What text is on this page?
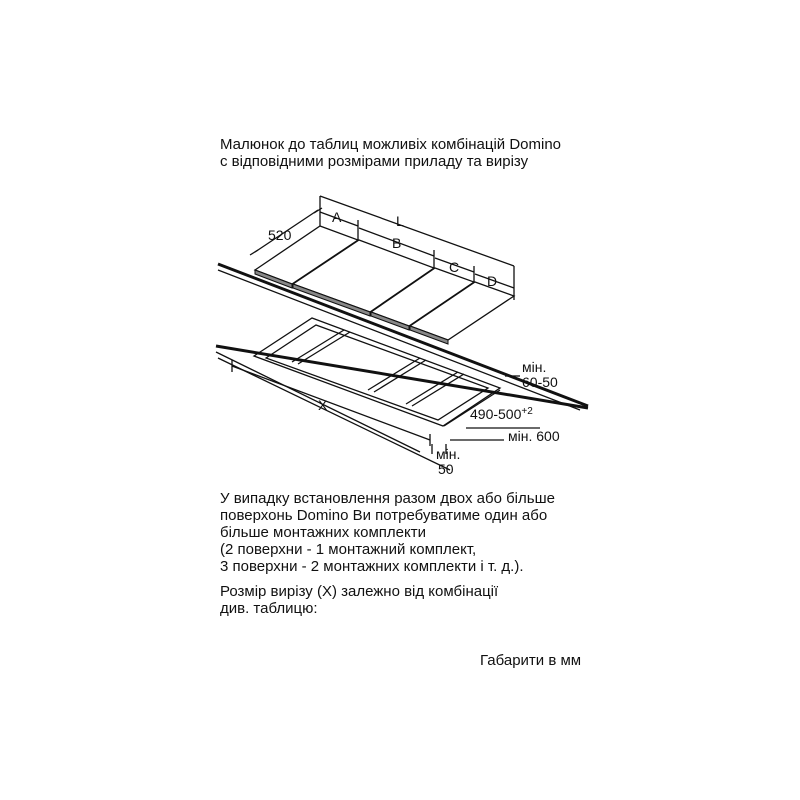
Малюнок до таблиц можливіх комбінацій Domino
с відповідними розмірами приладу та вирізу
520
L
A
B
C
D
X
$490-500^{+2}$
мін. 600
мін.
60-50
мін.
50
У випадку встановлення разом двох або більше
поверхонь Domino Ви потребуватиме один або
більше монтажних комплекти
(2 поверхни - 1 монтажний комплект,
3 поверхни - 2 монтажних комплекти і т. д.).
Розмір вирізу (X) залежно від комбінації
див. таблицю:
Габарити в мм
